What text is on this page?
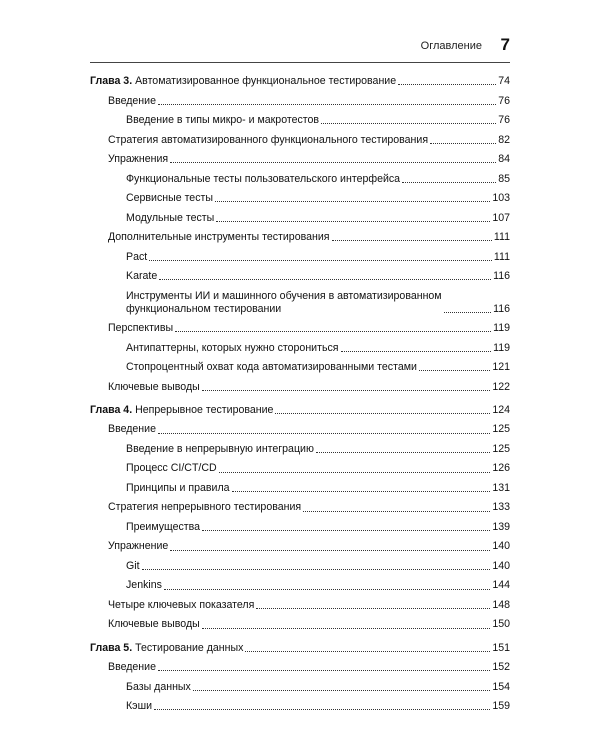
Оглавление 7
Глава 3. Автоматизированное функциональное тестирование	74
Введение	76
Введение в типы микро- и макротестов	76
Стратегия автоматизированного функционального тестирования	82
Упражнения	84
Функциональные тесты пользовательского интерфейса	85
Сервисные тесты	103
Модульные тесты	107
Дополнительные инструменты тестирования	111
Pact	111
Karate	116
Инструменты ИИ и машинного обучения в автоматизированном
функциональном тестировании	116
Перспективы	119
Антипаттерны, которых нужно сторониться	119
Стопроцентный охват кода автоматизированными тестами	121
Ключевые выводы	122
Глава 4. Непрерывное тестирование	124
Введение	125
Введение в непрерывную интеграцию	125
Процесс CI/CT/CD	126
Принципы и правила	131
Стратегия непрерывного тестирования	133
Преимущества	139
Упражнение	140
Git	140
Jenkins	144
Четыре ключевых показателя	148
Ключевые выводы	150
Глава 5. Тестирование данных	151
Введение	152
Базы данных	154
Кэши	159
